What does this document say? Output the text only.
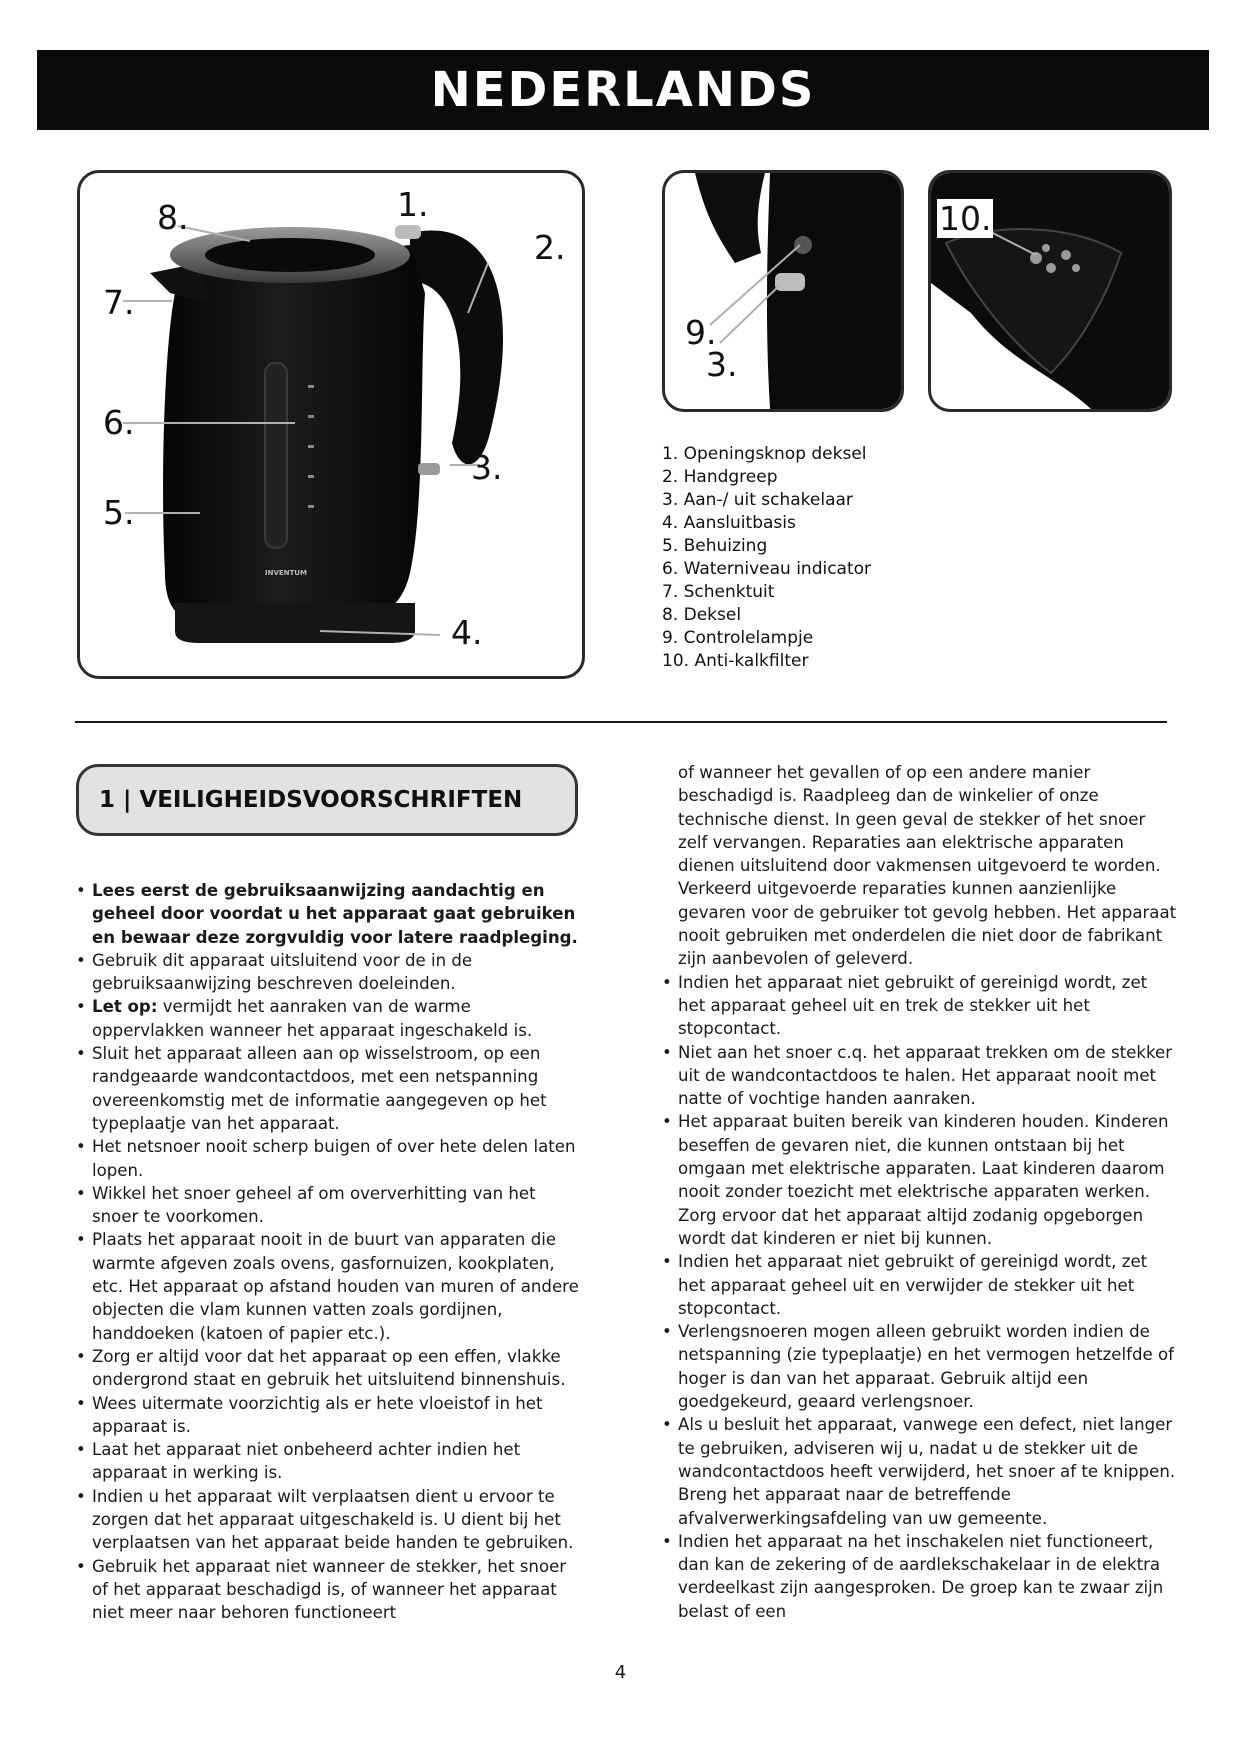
NEDERLANDS
INVENTUM
8.	1.
2.
7.
6.
5.
3.
4.
9.
3.
10.
1. Openingsknop deksel
2. Handgreep
3. Aan-/ uit schakelaar
4. Aansluitbasis
5. Behuizing
6. Waterniveau indicator
7. Schenktuit
8. Deksel
9. Controlelampje
10. Anti-kalkfilter
1 | VEILIGHEIDSVOORSCHRIFTEN
• Lees eerst de gebruiksaanwijzing aandachtig en geheel door voordat u het apparaat gaat gebruiken en bewaar deze zorgvuldig voor latere raadpleging.
• Gebruik dit apparaat uitsluitend voor de in de gebruiksaanwijzing beschreven doeleinden.
• Let op: vermijdt het aanraken van de warme oppervlakken wanneer het apparaat ingeschakeld is.
• Sluit het apparaat alleen aan op wisselstroom, op een randgeaarde wandcontactdoos, met een netspanning overeenkomstig met de informatie aangegeven op het typeplaatje van het apparaat.
• Het netsnoer nooit scherp buigen of over hete delen laten lopen.
• Wikkel het snoer geheel af om oververhitting van het snoer te voorkomen.
• Plaats het apparaat nooit in de buurt van apparaten die warmte afgeven zoals ovens, gasfornuizen, kookplaten, etc. Het apparaat op afstand houden van muren of andere objecten die vlam kunnen vatten zoals gordijnen, handdoeken (katoen of papier etc.).
• Zorg er altijd voor dat het apparaat op een effen, vlakke ondergrond staat en gebruik het uitsluitend binnenshuis.
• Wees uitermate voorzichtig als er hete vloeistof in het apparaat is.
• Laat het apparaat niet onbeheerd achter indien het apparaat in werking is.
• Indien u het apparaat wilt verplaatsen dient u ervoor te zorgen dat het apparaat uitgeschakeld is. U dient bij het verplaatsen van het apparaat beide handen te gebruiken.
• Gebruik het apparaat niet wanneer de stekker, het snoer of het apparaat beschadigd is, of wanneer het apparaat niet meer naar behoren functioneert
of wanneer het gevallen of op een andere manier beschadigd is. Raadpleeg dan de winkelier of onze technische dienst. In geen geval de stekker of het snoer zelf vervangen. Reparaties aan elektrische apparaten dienen uitsluitend door vakmensen uitgevoerd te worden. Verkeerd uitgevoerde reparaties kunnen aanzienlijke gevaren voor de gebruiker tot gevolg hebben. Het apparaat nooit gebruiken met onderdelen die niet door de fabrikant zijn aanbevolen of geleverd.
• Indien het apparaat niet gebruikt of gereinigd wordt, zet het apparaat geheel uit en trek de stekker uit het stopcontact.
• Niet aan het snoer c.q. het apparaat trekken om de stekker uit de wandcontactdoos te halen. Het apparaat nooit met natte of vochtige handen aanraken.
• Het apparaat buiten bereik van kinderen houden. Kinderen beseffen de gevaren niet, die kunnen ontstaan bij het omgaan met elektrische apparaten. Laat kinderen daarom nooit zonder toezicht met elektrische apparaten werken. Zorg ervoor dat het apparaat altijd zodanig opgeborgen wordt dat kinderen er niet bij kunnen.
• Indien het apparaat niet gebruikt of gereinigd wordt, zet het apparaat geheel uit en verwijder de stekker uit het stopcontact.
• Verlengsnoeren mogen alleen gebruikt worden indien de netspanning (zie typeplaatje) en het vermogen hetzelfde of hoger is dan van het apparaat. Gebruik altijd een goedgekeurd, geaard verlengsnoer.
• Als u besluit het apparaat, vanwege een defect, niet langer te gebruiken, adviseren wij u, nadat u de stekker uit de wandcontactdoos heeft verwijderd, het snoer af te knippen. Breng het apparaat naar de betreffende afvalverwerkingsafdeling van uw gemeente.
• Indien het apparaat na het inschakelen niet functioneert, dan kan de zekering of de aardlekschakelaar in de elektra verdeelkast zijn aangesproken. De groep kan te zwaar zijn belast of een
4
